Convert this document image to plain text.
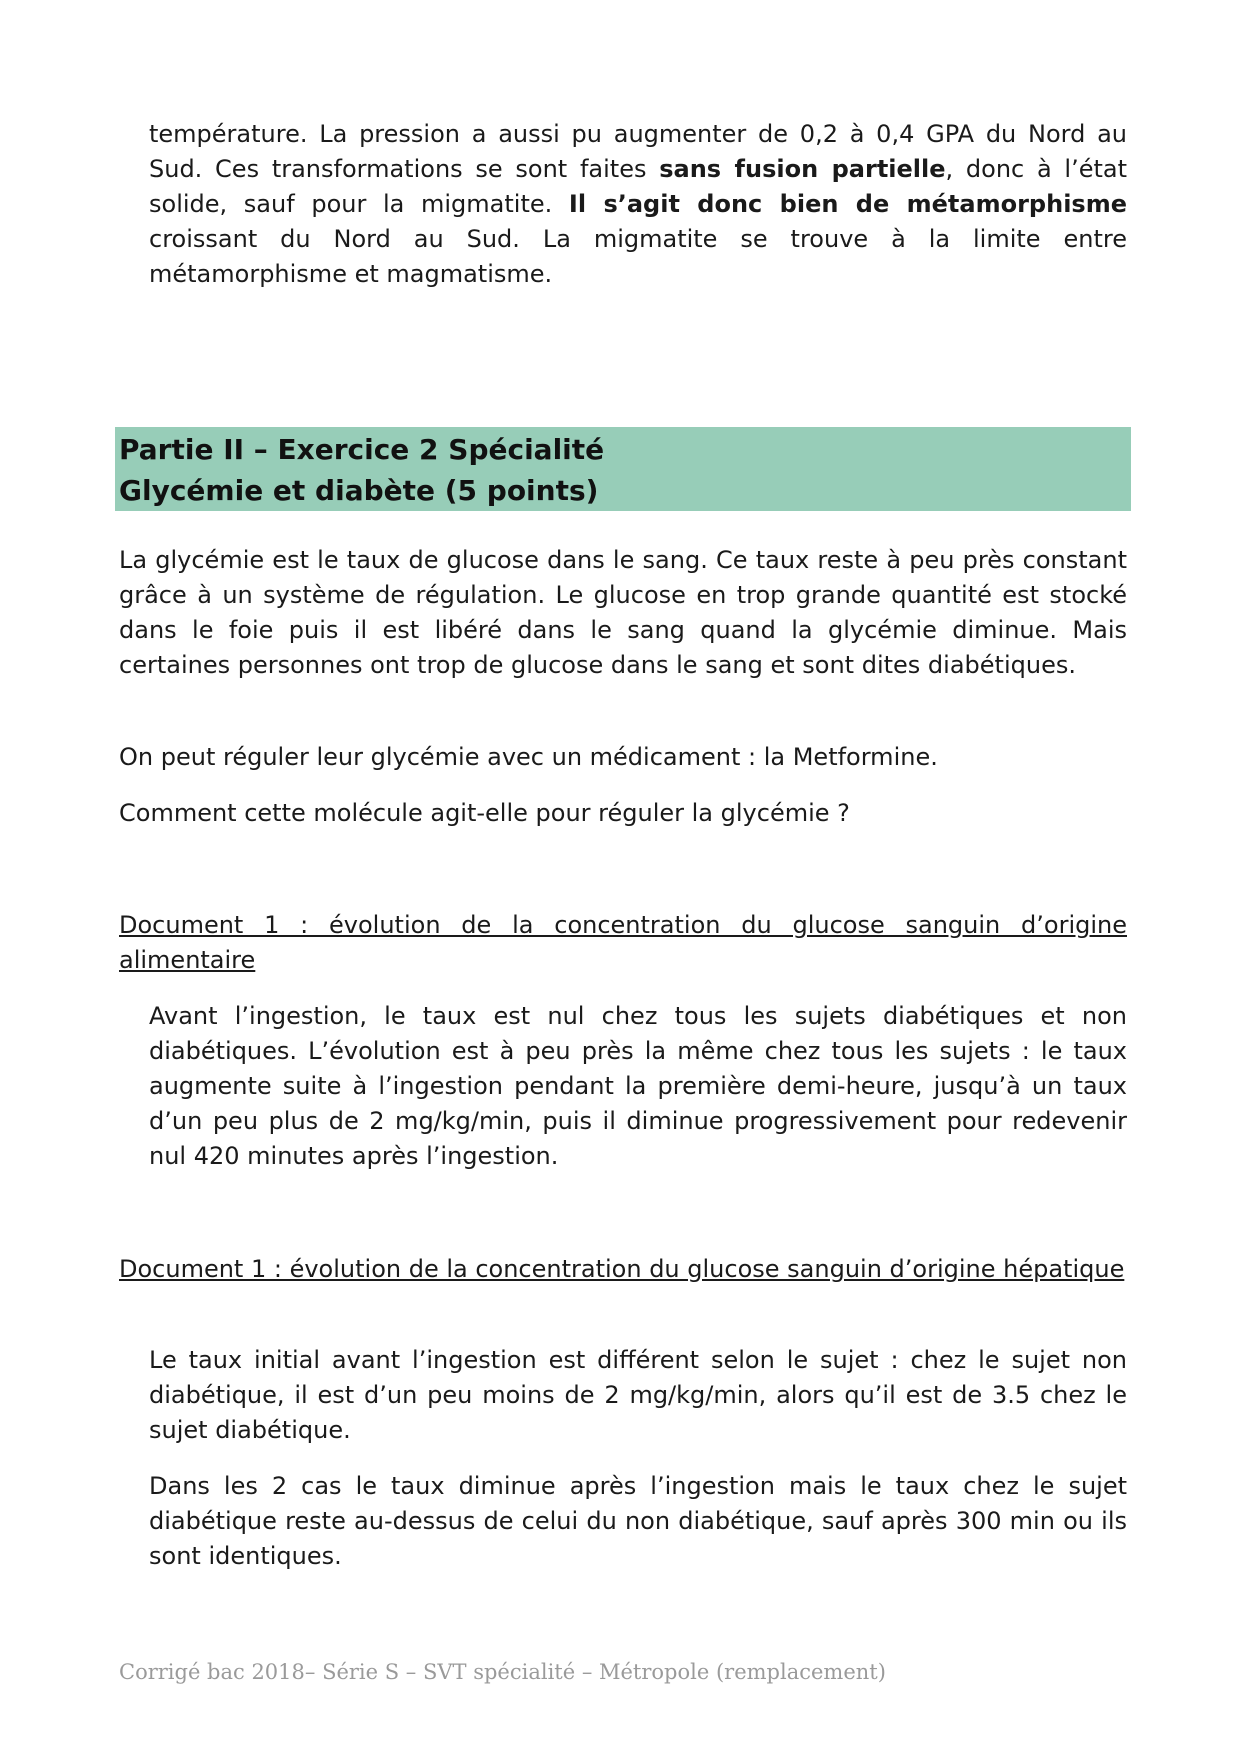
température. La pression a aussi pu augmenter de 0,2 à 0,4 GPA du Nord au Sud. Ces transformations se sont faites sans fusion partielle, donc à l’état solide, sauf pour la migmatite. Il s’agit donc bien de métamorphisme croissant du Nord au Sud. La migmatite se trouve à la limite entre métamorphisme et magmatisme.

Partie II – Exercice 2 Spécialité
Glycémie et diabète (5 points)

La glycémie est le taux de glucose dans le sang. Ce taux reste à peu près constant grâce à un système de régulation. Le glucose en trop grande quantité est stocké dans le foie puis il est libéré dans le sang quand la glycémie diminue. Mais certaines personnes ont trop de glucose dans le sang et sont dites diabétiques.

On peut réguler leur glycémie avec un médicament : la Metformine.

Comment cette molécule agit-elle pour réguler la glycémie ?

Document 1 : évolution de la concentration du glucose sanguin d’origine alimentaire

Avant l’ingestion, le taux est nul chez tous les sujets diabétiques et non diabétiques. L’évolution est à peu près la même chez tous les sujets : le taux augmente suite à l’ingestion pendant la première demi-heure, jusqu’à un taux d’un peu plus de 2 mg/kg/min, puis il diminue progressivement pour redevenir nul 420 minutes après l’ingestion.

Document 1 : évolution de la concentration du glucose sanguin d’origine hépatique

Le taux initial avant l’ingestion est différent selon le sujet : chez le sujet non diabétique, il est d’un peu moins de 2 mg/kg/min, alors qu’il est de 3.5 chez le sujet diabétique.

Dans les 2 cas le taux diminue après l’ingestion mais le taux chez le sujet diabétique reste au-dessus de celui du non diabétique, sauf après 300 min ou ils sont identiques.

Corrigé bac 2018– Série S – SVT spécialité – Métropole (remplacement)
